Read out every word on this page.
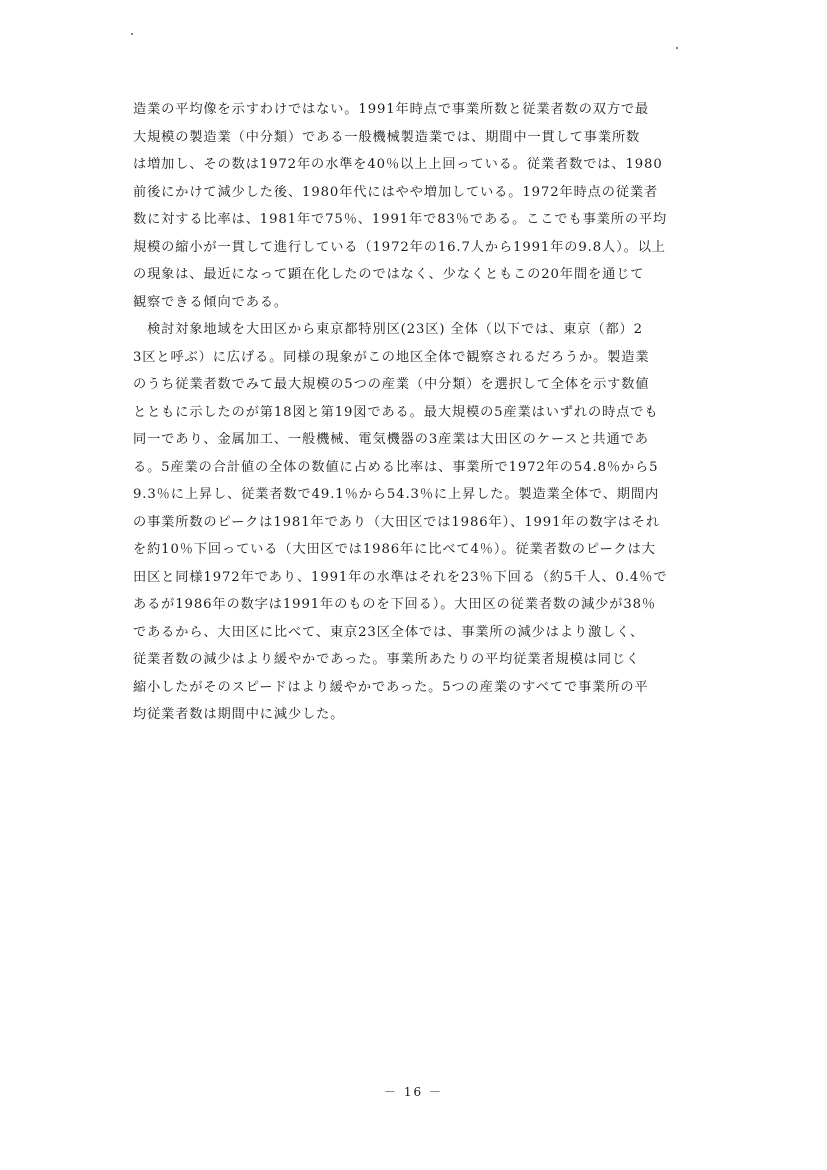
造業の平均像を示すわけではない。1991年時点で事業所数と従業者数の双方で最
大規模の製造業（中分類）である一般機械製造業では、期間中一貫して事業所数
は増加し、その数は1972年の水準を40％以上上回っている。従業者数では、1980
前後にかけて減少した後、1980年代にはやや増加している。1972年時点の従業者
数に対する比率は、1981年で75％、1991年で83％である。ここでも事業所の平均
規模の縮小が一貫して進行している（1972年の16.7人から1991年の9.8人）。以上
の現象は、最近になって顕在化したのではなく、少なくともこの20年間を通じて
観察できる傾向である。
　検討対象地域を大田区から東京都特別区(23区) 全体（以下では、東京（都）2
3区と呼ぶ）に広げる。同様の現象がこの地区全体で観察されるだろうか。製造業
のうち従業者数でみて最大規模の5つの産業（中分類）を選択して全体を示す数値
とともに示したのが第18図と第19図である。最大規模の5産業はいずれの時点でも
同一であり、金属加工、一般機械、電気機器の3産業は大田区のケースと共通であ
る。5産業の合計値の全体の数値に占める比率は、事業所で1972年の54.8％から5
9.3％に上昇し、従業者数で49.1％から54.3％に上昇した。製造業全体で、期間内
の事業所数のピークは1981年であり（大田区では1986年）、1991年の数字はそれ
を約10％下回っている（大田区では1986年に比べて4％）。従業者数のピークは大
田区と同様1972年であり、1991年の水準はそれを23％下回る（約5千人、0.4％で
あるが1986年の数字は1991年のものを下回る）。大田区の従業者数の減少が38％
であるから、大田区に比べて、東京23区全体では、事業所の減少はより激しく、
従業者数の減少はより緩やかであった。事業所あたりの平均従業者規模は同じく
縮小したがそのスピードはより緩やかであった。5つの産業のすべてで事業所の平
均従業者数は期間中に減少した。
－ 16 －
